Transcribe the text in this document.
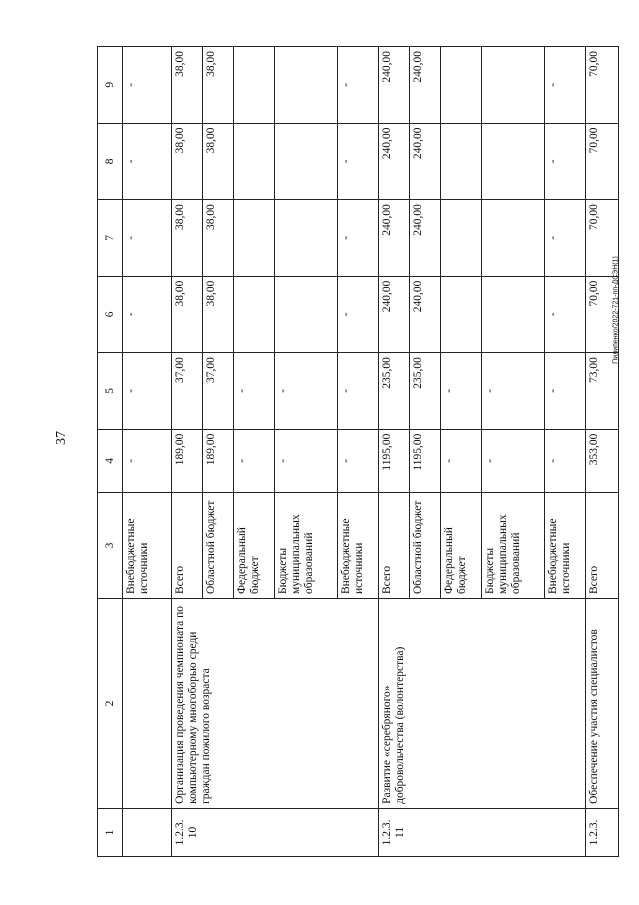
37
Пилипенко/2022-721-пп-ДСЭН(1)
1	2	3	4	5	6	7	8	9
		Внебюджетные источники	-	-	-	-	-	-
1.2.3. 10	Организация проведения чемпионата по компьютерному многоборью среди граждан пожилого возраста	Всего	189,00	37,00	38,00	38,00	38,00	38,00
		Областной бюджет	189,00	37,00	38,00	38,00	38,00	38,00
		Федеральный бюджет	-	-				
		Бюджеты муниципальных образований	-	-				
		Внебюджетные источники	-	-	-	-	-	-
1.2.3. 11	Развитие «серебряного» добровольчества (волонтерства)	Всего	1195,00	235,00	240,00	240,00	240,00	240,00
		Областной бюджет	1195,00	235,00	240,00	240,00	240,00	240,00
		Федеральный бюджет	-	-				
		Бюджеты муниципальных образований	-	-				
		Внебюджетные источники	-	-	-	-	-	-
1.2.3.	Обеспечение участия специалистов	Всего	353,00	73,00	70,00	70,00	70,00	70,00
